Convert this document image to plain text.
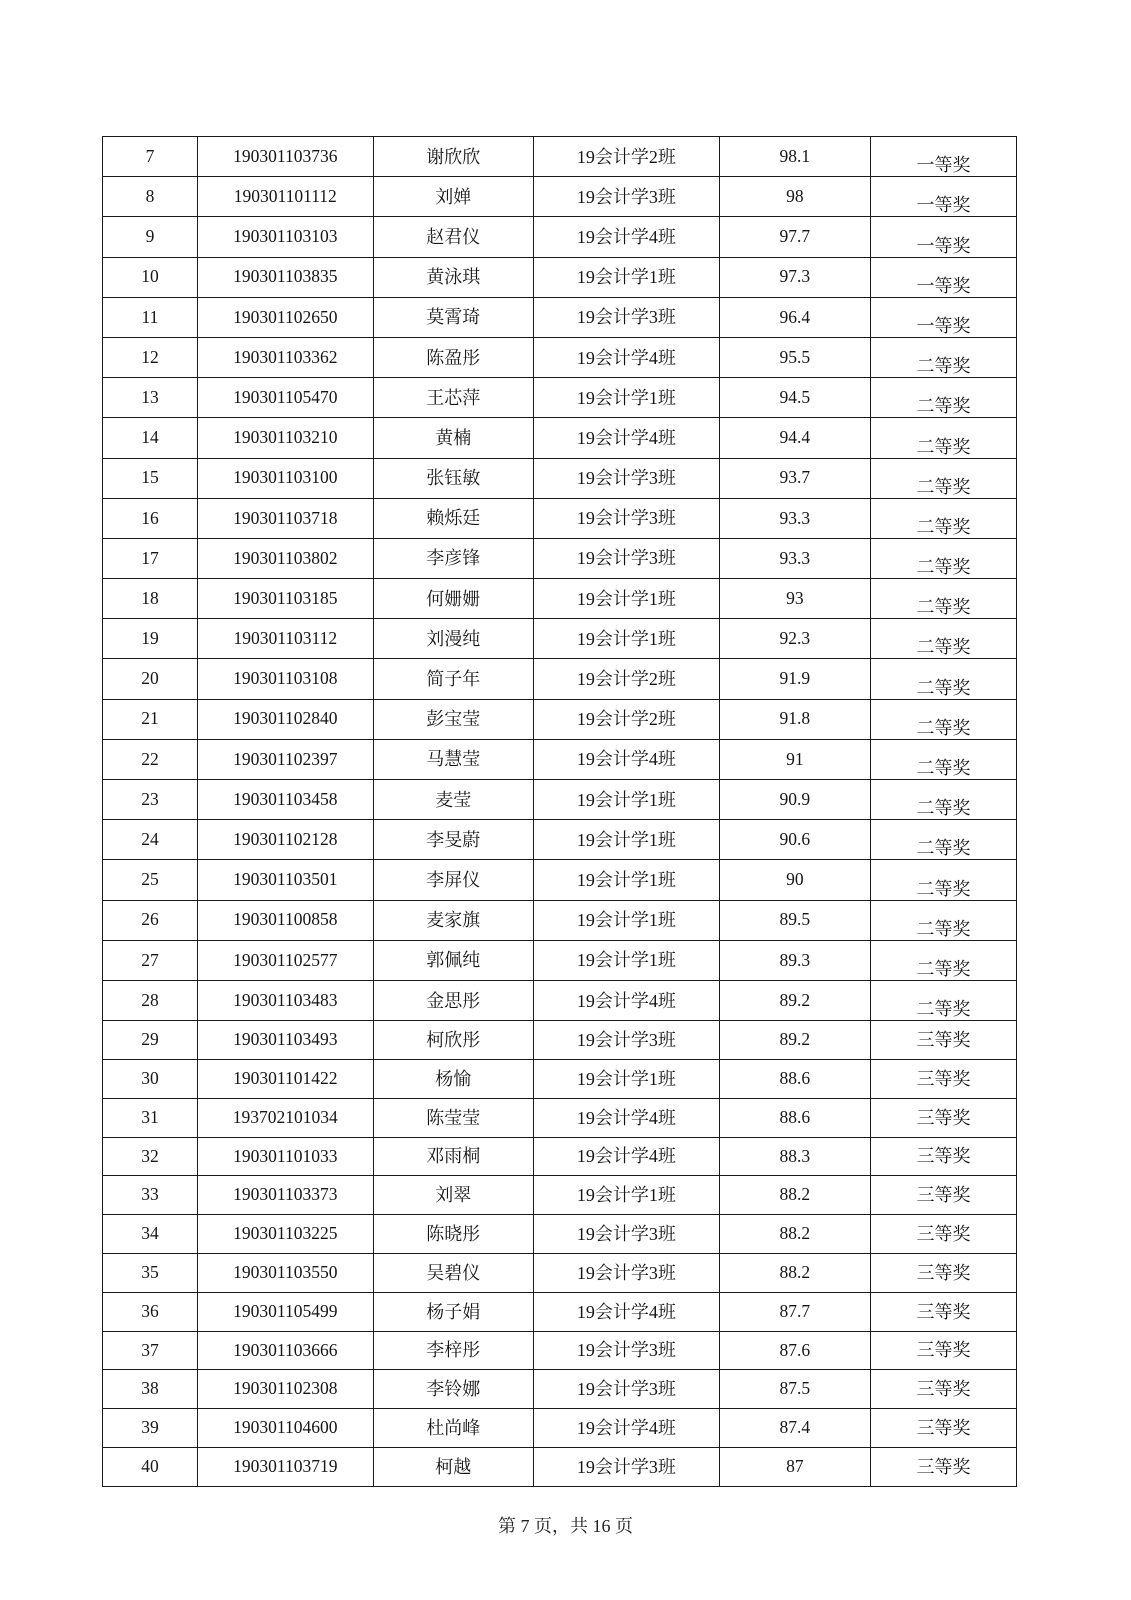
7	190301103736	谢欣欣	19会计学2班	98.1	一等奖
8	190301101112	刘婵	19会计学3班	98	一等奖
9	190301103103	赵君仪	19会计学4班	97.7	一等奖
10	190301103835	黄泳琪	19会计学1班	97.3	一等奖
11	190301102650	莫霄琦	19会计学3班	96.4	一等奖
12	190301103362	陈盈彤	19会计学4班	95.5	二等奖
13	190301105470	王芯萍	19会计学1班	94.5	二等奖
14	190301103210	黄楠	19会计学4班	94.4	二等奖
15	190301103100	张钰敏	19会计学3班	93.7	二等奖
16	190301103718	赖烁廷	19会计学3班	93.3	二等奖
17	190301103802	李彦锋	19会计学3班	93.3	二等奖
18	190301103185	何姗姗	19会计学1班	93	二等奖
19	190301103112	刘漫纯	19会计学1班	92.3	二等奖
20	190301103108	简子年	19会计学2班	91.9	二等奖
21	190301102840	彭宝莹	19会计学2班	91.8	二等奖
22	190301102397	马慧莹	19会计学4班	91	二等奖
23	190301103458	麦莹	19会计学1班	90.9	二等奖
24	190301102128	李旻蔚	19会计学1班	90.6	二等奖
25	190301103501	李屏仪	19会计学1班	90	二等奖
26	190301100858	麦家旗	19会计学1班	89.5	二等奖
27	190301102577	郭佩纯	19会计学1班	89.3	二等奖
28	190301103483	金思彤	19会计学4班	89.2	二等奖
29	190301103493	柯欣彤	19会计学3班	89.2	三等奖
30	190301101422	杨愉	19会计学1班	88.6	三等奖
31	193702101034	陈莹莹	19会计学4班	88.6	三等奖
32	190301101033	邓雨桐	19会计学4班	88.3	三等奖
33	190301103373	刘翠	19会计学1班	88.2	三等奖
34	190301103225	陈晓彤	19会计学3班	88.2	三等奖
35	190301103550	吴碧仪	19会计学3班	88.2	三等奖
36	190301105499	杨子娟	19会计学4班	87.7	三等奖
37	190301103666	李梓彤	19会计学3班	87.6	三等奖
38	190301102308	李铃娜	19会计学3班	87.5	三等奖
39	190301104600	杜尚峰	19会计学4班	87.4	三等奖
40	190301103719	柯越	19会计学3班	87	三等奖
第 7 页，共 16 页
